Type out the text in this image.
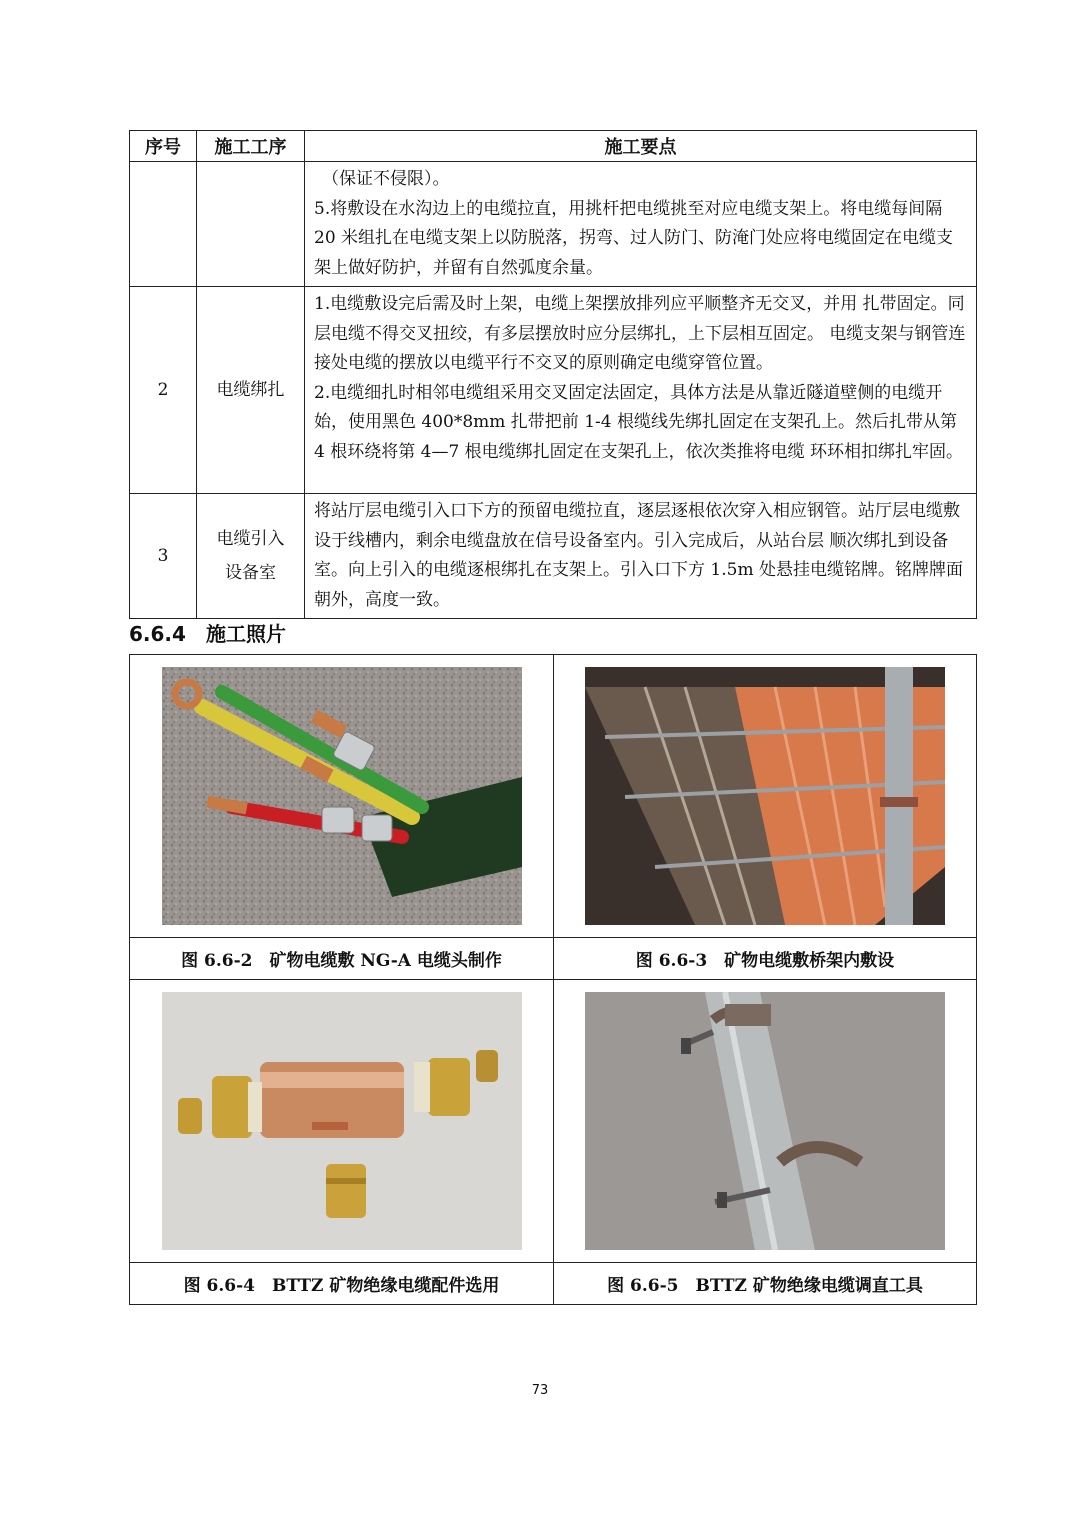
序号	施工工序	施工要点

		（保证不侵限）。
5.将敷设在水沟边上的电缆拉直，用挑杆把电缆挑至对应电缆支架上。将电缆每间隔 20 米组扎在电缆支架上以防脱落，拐弯、过人防门、防淹门处应将电缆固定在电缆支架上做好防护，并留有自然弧度余量。

2	电缆绑扎	1.电缆敷设完后需及时上架，电缆上架摆放排列应平顺整齐无交叉，并用 扎带固定。同层电缆不得交叉扭绞，有多层摆放时应分层绑扎，上下层相互固定。 电缆支架与钢管连接处电缆的摆放以电缆平行不交叉的原则确定电缆穿管位置。
2.电缆细扎时相邻电缆组采用交叉固定法固定，具体方法是从靠近隧道壁侧的电缆开始，使用黑色 400*8mm 扎带把前 1-4 根缆线先绑扎固定在支架孔上。然后扎带从第 4 根环绕将第 4—7 根电缆绑扎固定在支架孔上，依次类推将电缆 环环相扣绑扎牢固。

3	电缆引入设备室	将站厅层电缆引入口下方的预留电缆拉直，逐层逐根依次穿入相应钢管。站厅层电缆敷设于线槽内，剩余电缆盘放在信号设备室内。引入完成后，从站台层 顺次绑扎到设备室。向上引入的电缆逐根绑扎在支架上。引入口下方 1.5m 处悬挂电缆铭牌。铭牌牌面朝外，高度一致。
6.6.4 施工照片

图 6.6-2　矿物电缆敷 NG-A 电缆头制作	图 6.6-3　矿物电缆敷桥架内敷设

图 6.6-4　BTTZ 矿物绝缘电缆配件选用	图 6.6-5　BTTZ 矿物绝缘电缆调直工具
73
